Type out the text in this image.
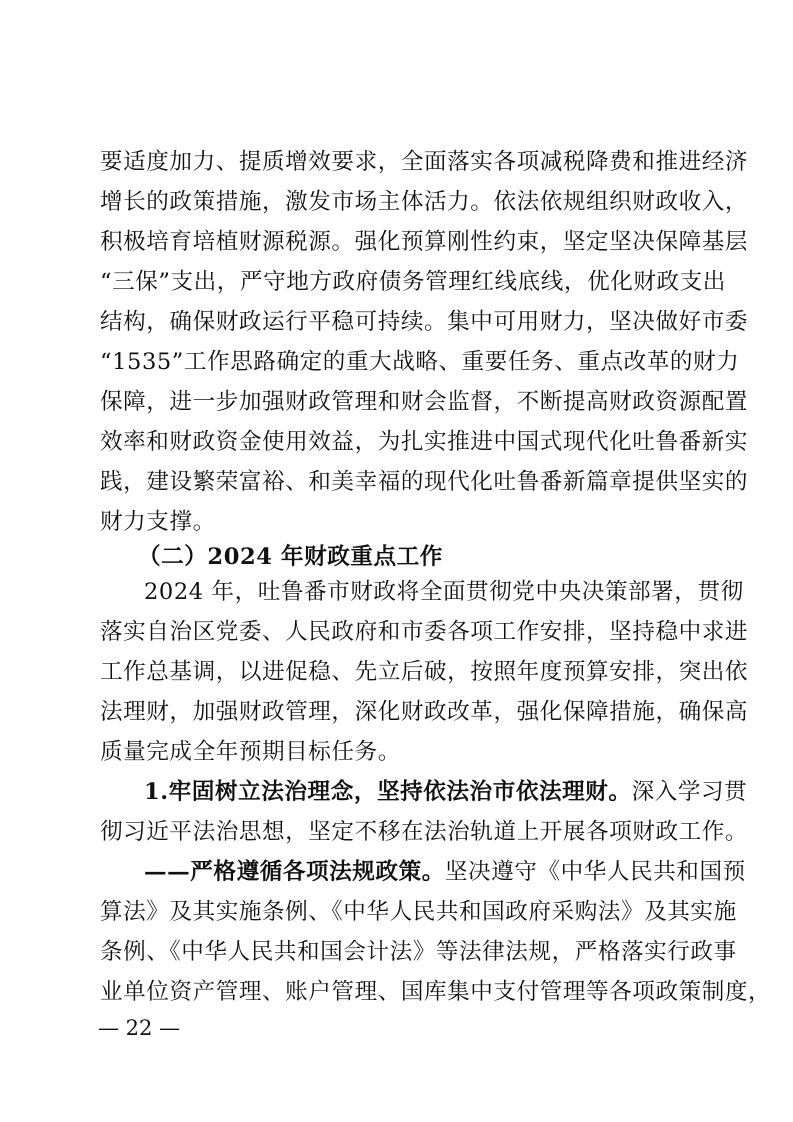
要适度加力、提质增效要求，全面落实各项减税降费和推进经济
增长的政策措施，激发市场主体活力。依法依规组织财政收入，
积极培育培植财源税源。强化预算刚性约束，坚定坚决保障基层
“三保”支出，严守地方政府债务管理红线底线，优化财政支出
结构，确保财政运行平稳可持续。集中可用财力，坚决做好市委
“1535”工作思路确定的重大战略、重要任务、重点改革的财力
保障，进一步加强财政管理和财会监督，不断提高财政资源配置
效率和财政资金使用效益，为扎实推进中国式现代化吐鲁番新实
践，建设繁荣富裕、和美幸福的现代化吐鲁番新篇章提供坚实的
财力支撑。
（二）2024 年财政重点工作
2024 年，吐鲁番市财政将全面贯彻党中央决策部署，贯彻
落实自治区党委、人民政府和市委各项工作安排，坚持稳中求进
工作总基调，以进促稳、先立后破，按照年度预算安排，突出依
法理财，加强财政管理，深化财政改革，强化保障措施，确保高
质量完成全年预期目标任务。
1.牢固树立法治理念，坚持依法治市依法理财。深入学习贯
彻习近平法治思想，坚定不移在法治轨道上开展各项财政工作。
——严格遵循各项法规政策。坚决遵守《中华人民共和国预
算法》及其实施条例、《中华人民共和国政府采购法》及其实施
条例、《中华人民共和国会计法》等法律法规，严格落实行政事
业单位资产管理、账户管理、国库集中支付管理等各项政策制度，
— 22 —
